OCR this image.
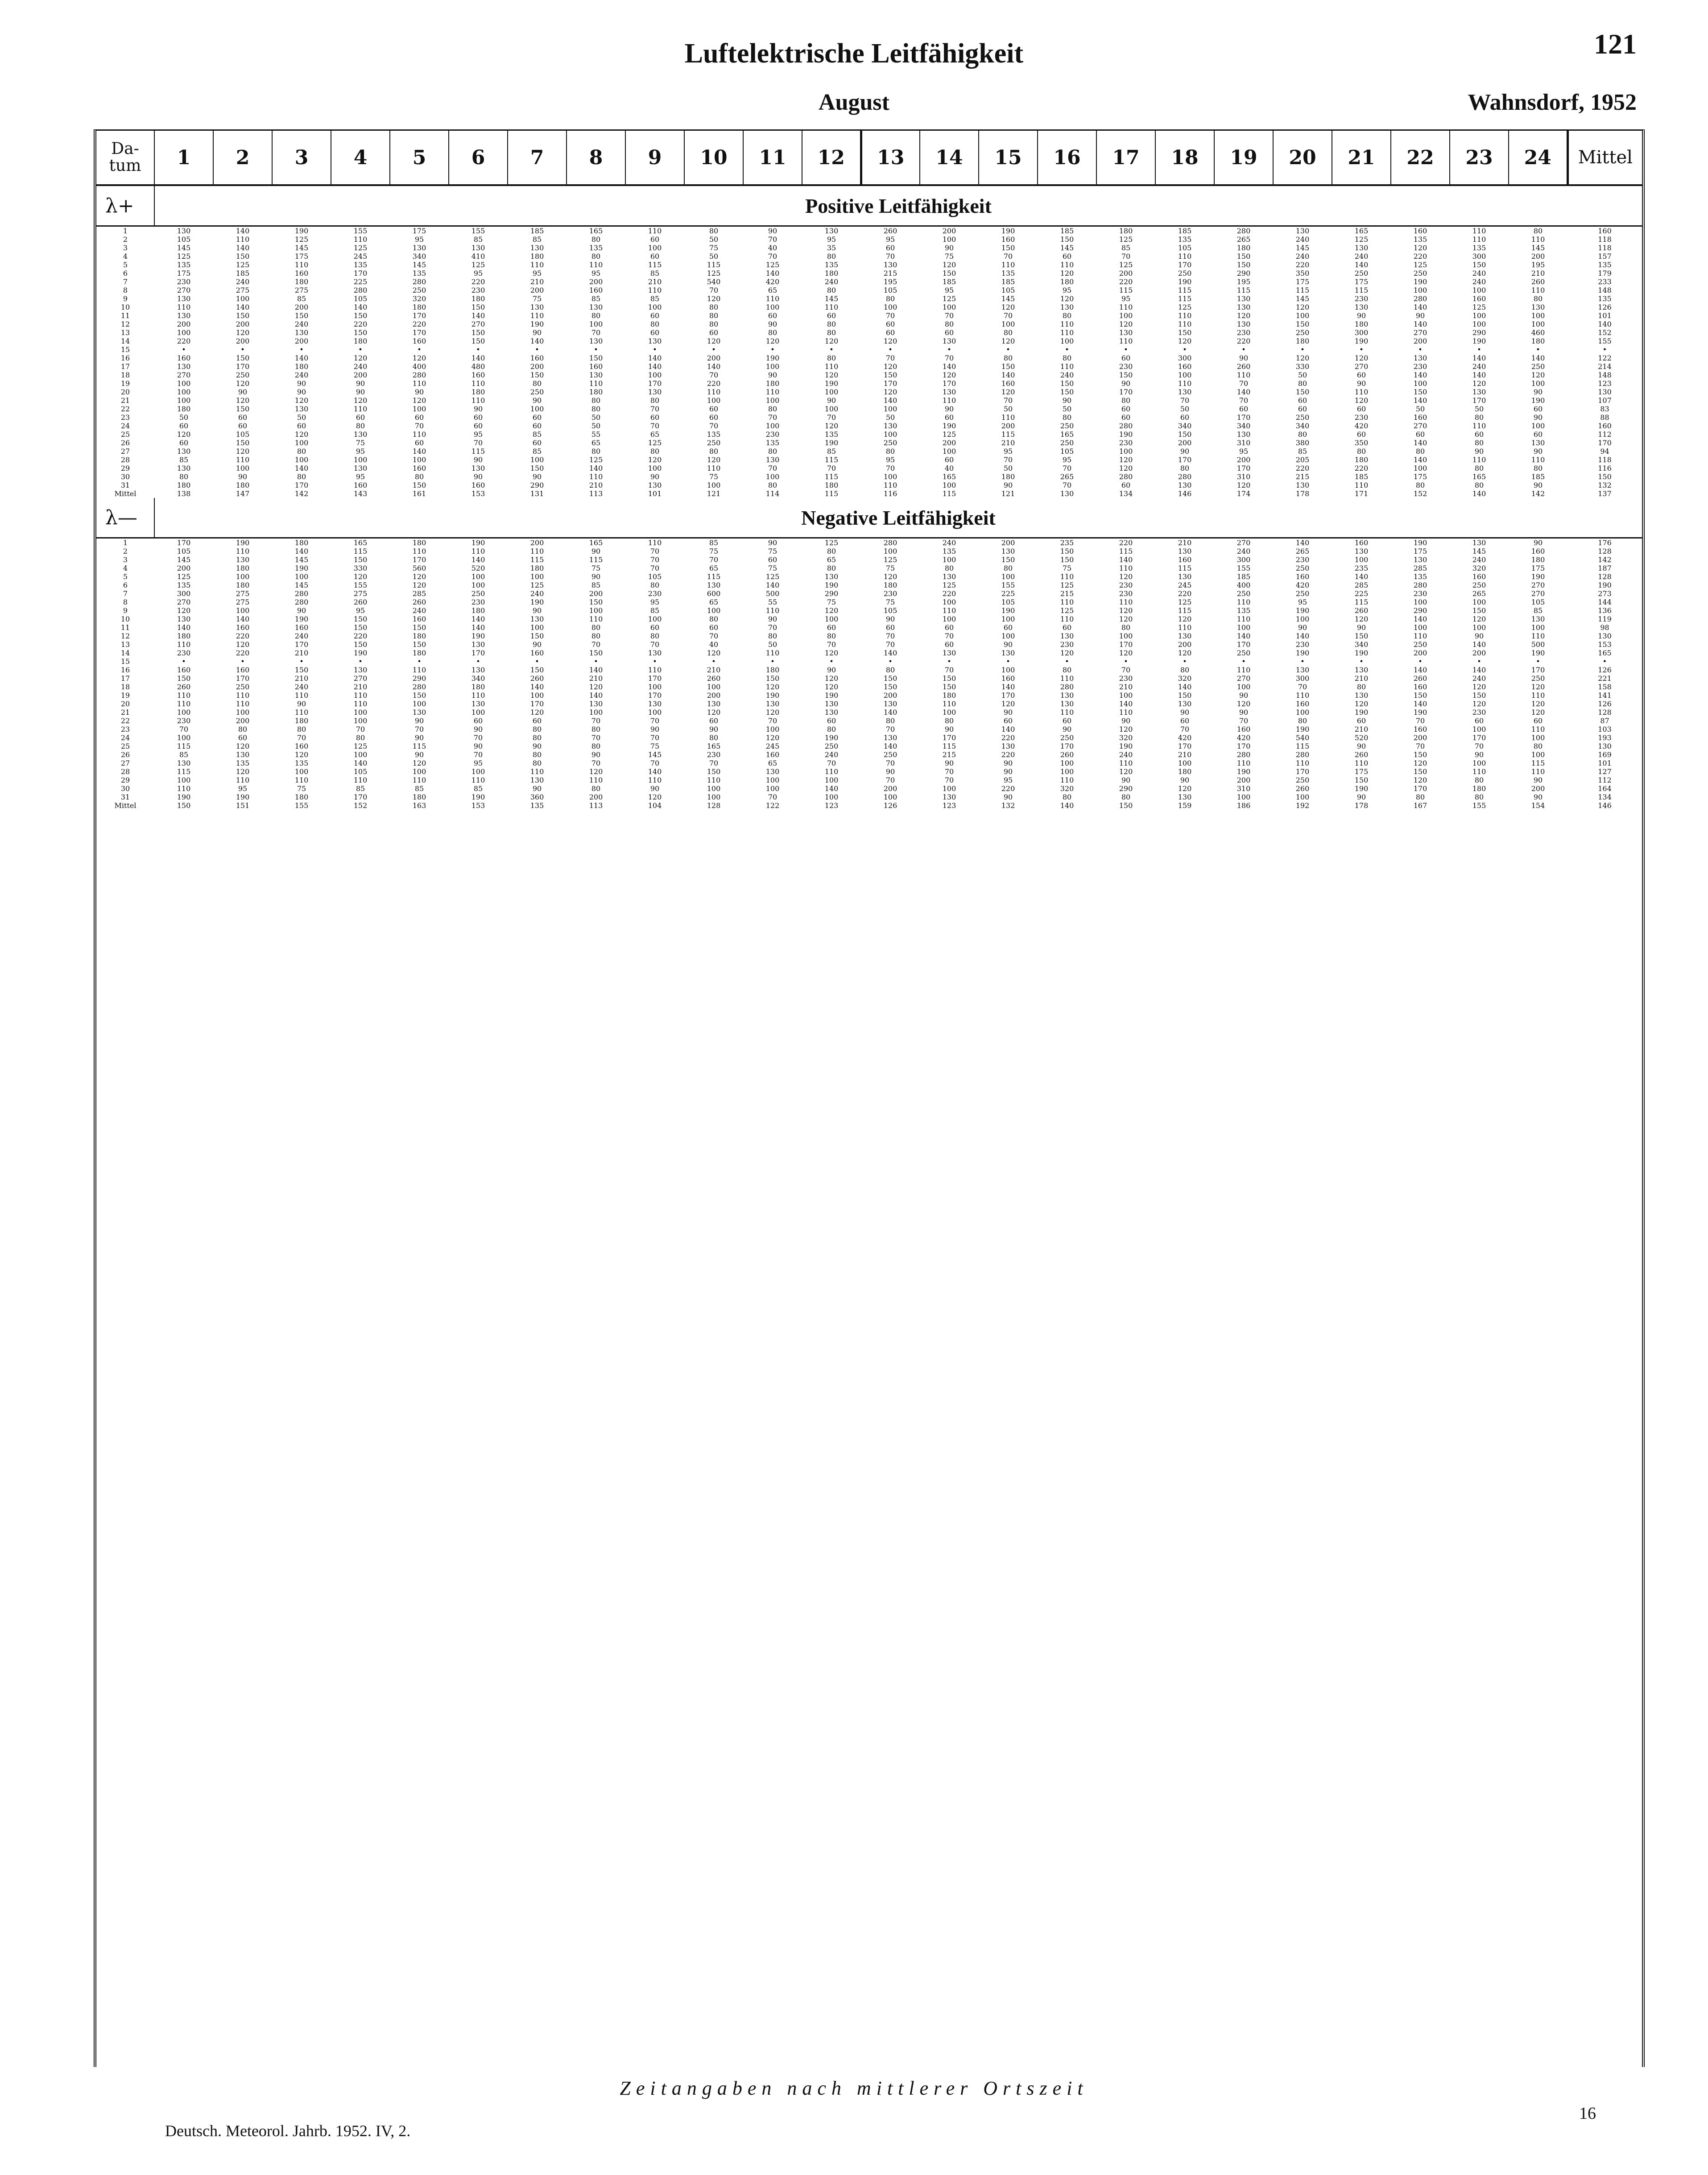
Luftelektrische Leitfähigkeit	121
August	Wahnsdorf, 1952
Da-
tum	1	2	3	4	5	6	7	8	9	10	11	12	13	14	15	16	17	18	19	20	21	22	23	24	Mittel
λ+	Positive Leitfähigkeit																								
1	130	140	190	155	175	155	185	165	110	80	90	130	260	200	190	185	180	185	280	130	165	160	110	80	160
2	105	110	125	110	95	85	85	80	60	50	70	95	95	100	160	150	125	135	265	240	125	135	110	110	118
3	145	140	145	125	130	130	130	135	100	75	40	35	60	90	150	145	85	105	180	145	130	120	135	145	118
4	125	150	175	245	340	410	180	80	60	50	70	80	70	75	70	60	70	110	150	240	240	220	300	200	157
5	135	125	110	135	145	125	110	110	115	115	125	135	130	120	110	110	125	170	150	220	140	125	150	195	135
6	175	185	160	170	135	95	95	95	85	125	140	180	215	150	135	120	200	250	290	350	250	250	240	210	179
7	230	240	180	225	280	220	210	200	210	540	420	240	195	185	185	180	220	190	195	175	175	190	240	260	233
8	270	275	275	280	250	230	200	160	110	70	65	80	105	95	105	95	115	115	115	115	115	100	100	110	148
9	130	100	85	105	320	180	75	85	85	120	110	145	80	125	145	120	95	115	130	145	230	280	160	80	135
10	110	140	200	140	180	150	130	130	100	80	100	110	100	100	120	130	110	125	130	120	130	140	125	130	126
11	130	150	150	150	170	140	110	80	60	80	60	60	70	70	70	80	100	110	120	100	90	90	100	100	101
12	200	200	240	220	220	270	190	100	80	80	90	80	60	80	100	110	120	110	130	150	180	140	100	100	140
13	100	120	130	150	170	150	90	70	60	60	80	80	60	60	80	110	130	150	230	250	300	270	290	460	152
14	220	200	200	180	160	150	140	130	130	120	120	120	120	130	120	100	110	120	220	180	190	200	190	180	155
15	•	•	•	•	•	•	•	•	•	•	•	•	•	•	•	•	•	•	•	•	•	•	•	•	•
16	160	150	140	120	120	140	160	150	140	200	190	80	70	70	80	80	60	300	90	120	120	130	140	140	122
17	130	170	180	240	400	480	200	160	140	140	100	110	120	140	150	110	230	160	260	330	270	230	240	250	214
18	270	250	240	200	280	160	150	130	100	70	90	120	150	120	140	240	150	100	110	50	60	140	140	120	148
19	100	120	90	90	110	110	80	110	170	220	180	190	170	170	160	150	90	110	70	80	90	100	120	100	123
20	100	90	90	90	90	180	250	180	130	110	110	100	120	130	120	150	170	130	140	150	110	150	130	90	130
21	100	120	120	120	120	110	90	80	80	100	100	90	140	110	70	90	80	70	70	60	120	140	170	190	107
22	180	150	130	110	100	90	100	80	70	60	80	100	100	90	50	50	60	50	60	60	60	50	50	60	83
23	50	60	50	60	60	60	60	50	60	60	70	70	50	60	110	80	60	60	170	250	230	160	80	90	88
24	60	60	60	80	70	60	60	50	70	70	100	120	130	190	200	250	280	340	340	340	420	270	110	100	160
25	120	105	120	130	110	95	85	55	65	135	230	135	100	125	115	165	190	150	130	80	60	60	60	60	112
26	60	150	100	75	60	70	60	65	125	250	135	190	250	200	210	250	230	200	310	380	350	140	80	130	170
27	130	120	80	95	140	115	85	80	80	80	80	85	80	100	95	105	100	90	95	85	80	80	90	90	94
28	85	110	100	100	100	90	100	125	120	120	130	115	95	60	70	95	120	170	200	205	180	140	110	110	118
29	130	100	140	130	160	130	150	140	100	110	70	70	70	40	50	70	120	80	170	220	220	100	80	80	116
30	80	90	80	95	80	90	90	110	90	75	100	115	100	165	180	265	280	280	310	215	185	175	165	185	150
31	180	180	170	160	150	160	290	210	130	100	80	180	110	100	90	70	60	130	120	130	110	80	80	90	132
Mittel	138	147	142	143	161	153	131	113	101	121	114	115	116	115	121	130	134	146	174	178	171	152	140	142	137
λ—	Negative Leitfähigkeit																								
1	170	190	180	165	180	190	200	165	110	85	90	125	280	240	200	235	220	210	270	140	160	190	130	90	176
2	105	110	140	115	110	110	110	90	70	75	75	80	100	135	130	150	115	130	240	265	130	175	145	160	128
3	145	130	145	150	170	140	115	115	70	70	60	65	125	100	150	150	140	160	300	230	100	130	240	180	142
4	200	180	190	330	560	520	180	75	70	65	75	80	75	80	80	75	110	115	155	250	235	285	320	175	187
5	125	100	100	120	120	100	100	90	105	115	125	130	120	130	100	110	120	130	185	160	140	135	160	190	128
6	135	180	145	155	120	100	125	85	80	130	140	190	180	125	155	125	230	245	400	420	285	280	250	270	190
7	300	275	280	275	285	250	240	200	230	600	500	290	230	220	225	215	230	220	250	250	225	230	265	270	273
8	270	275	280	260	260	230	190	150	95	65	55	75	75	100	105	110	110	125	110	95	115	100	100	105	144
9	120	100	90	95	240	180	90	100	85	100	110	120	105	110	190	125	120	115	135	190	260	290	150	85	136
10	130	140	190	150	160	140	130	110	100	80	90	100	90	100	100	110	120	120	110	100	120	140	120	130	119
11	140	160	160	150	150	140	100	80	60	60	70	60	60	60	60	60	80	110	100	90	90	100	100	100	98
12	180	220	240	220	180	190	150	80	80	70	80	80	70	70	100	130	100	130	140	140	150	110	90	110	130
13	110	120	170	150	150	130	90	70	70	40	50	70	70	60	90	230	170	200	170	230	340	250	140	500	153
14	230	220	210	190	180	170	160	150	130	120	110	120	140	130	130	120	120	120	250	190	190	200	200	190	165
15	•	•	•	•	•	•	•	•	•	•	•	•	•	•	•	•	•	•	•	•	•	•	•	•	•
16	160	160	150	130	110	130	150	140	110	210	180	90	80	70	100	80	70	80	110	130	130	140	140	170	126
17	150	170	210	270	290	340	260	210	170	260	150	120	150	150	160	110	230	320	270	300	210	260	240	250	221
18	260	250	240	210	280	180	140	120	100	100	120	120	150	150	140	280	210	140	100	70	80	160	120	120	158
19	110	110	110	110	150	110	100	140	170	200	190	190	200	180	170	130	100	150	90	110	130	150	150	110	141
20	110	110	90	110	100	130	170	130	130	130	130	130	130	110	120	130	140	130	120	160	120	140	120	120	126
21	100	100	110	100	130	100	120	100	100	120	120	130	140	100	90	110	110	90	90	100	190	190	230	120	128
22	230	200	180	100	90	60	60	70	70	60	70	60	80	80	60	60	90	60	70	80	60	70	60	60	87
23	70	80	80	70	70	90	80	80	90	90	100	80	70	90	140	90	120	70	160	190	210	160	100	110	103
24	100	60	70	80	90	70	80	70	70	80	120	190	130	170	220	250	320	420	420	540	520	200	170	100	193
25	115	120	160	125	115	90	90	80	75	165	245	250	140	115	130	170	190	170	170	115	90	70	70	80	130
26	85	130	120	100	90	70	80	90	145	230	160	240	250	215	220	260	240	210	280	280	260	150	90	100	169
27	130	135	135	140	120	95	80	70	70	70	65	70	70	90	90	100	110	100	110	110	110	120	100	115	101
28	115	120	100	105	100	100	110	120	140	150	130	110	90	70	90	100	120	180	190	170	175	150	110	110	127
29	100	110	110	110	110	110	130	110	110	110	100	100	70	70	95	110	90	90	200	250	150	120	80	90	112
30	110	95	75	85	85	85	90	80	90	100	100	140	200	100	220	320	290	120	310	260	190	170	180	200	164
31	190	190	180	170	180	190	360	200	120	100	70	100	100	130	90	80	80	130	100	100	90	80	80	90	134
Mittel	150	151	155	152	163	153	135	113	104	128	122	123	126	123	132	140	150	159	186	192	178	167	155	154	146
Zeitangaben nach mittlerer Ortszeit
Deutsch. Meteorol. Jahrb. 1952. IV, 2.
16
